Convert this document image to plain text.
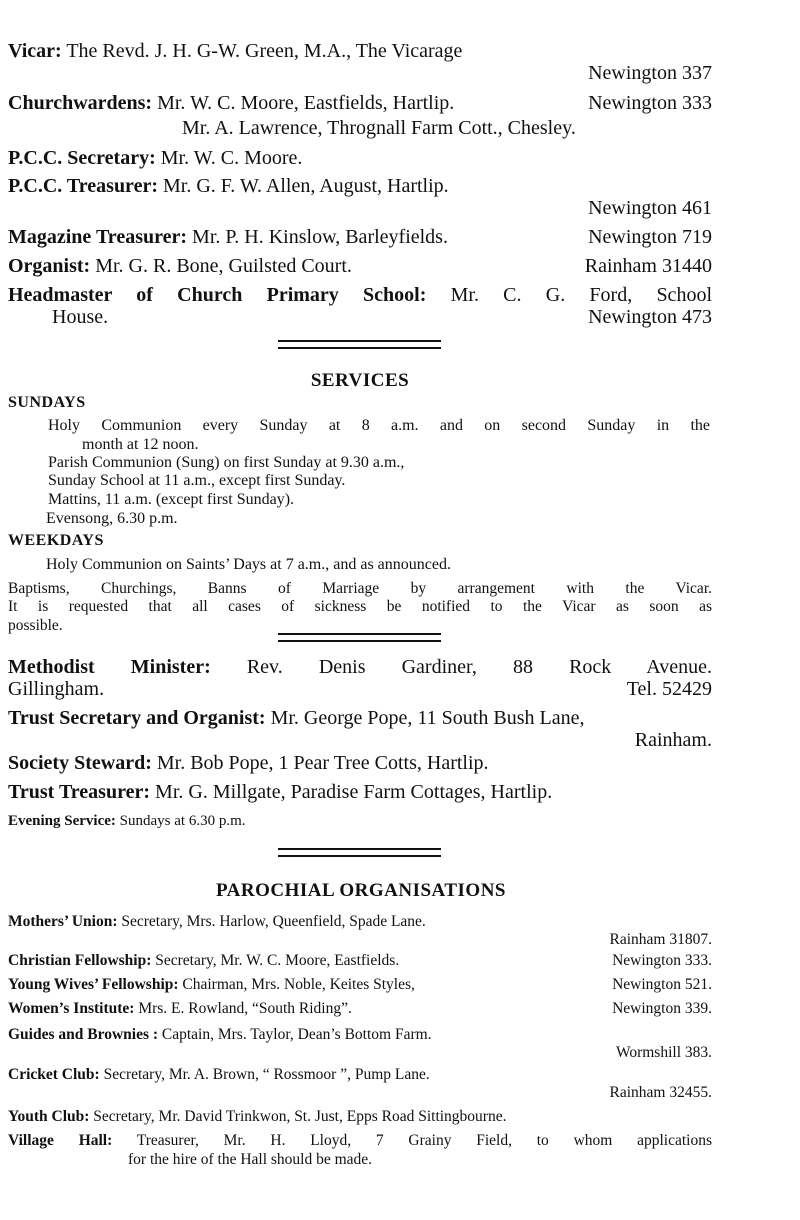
Vicar: The Revd. J. H. G-W. Green, M.A., The Vicarage
Newington 337
Churchwardens: Mr. W. C. Moore, Eastfields, Hartlip.	Newington 333
Mr. A. Lawrence, Thrognall Farm Cott., Chesley.
P.C.C. Secretary: Mr. W. C. Moore.
P.C.C. Treasurer: Mr. G. F. W. Allen, August, Hartlip.
Newington 461
Magazine Treasurer: Mr. P. H. Kinslow, Barleyfields.	Newington 719
Organist: Mr. G. R. Bone, Guilsted Court.	Rainham 31440
Headmaster of Church Primary School: Mr. C. G. Ford, School
House.	Newington 473
SERVICES
SUNDAYS
Holy Communion every Sunday at 8 a.m. and on second Sunday in the
month at 12 noon.
Parish Communion (Sung) on first Sunday at 9.30 a.m.,
Sunday School at 11 a.m., except first Sunday.
Mattins, 11 a.m. (except first Sunday).
Evensong, 6.30 p.m.
WEEKDAYS
Holy Communion on Saints’ Days at 7 a.m., and as announced.
Baptisms, Churchings, Banns of Marriage by arrangement with the Vicar.
It is requested that all cases of sickness be notified to the Vicar as soon as
possible.
Methodist Minister: Rev. Denis Gardiner, 88 Rock Avenue.
Gillingham.	Tel. 52429
Trust Secretary and Organist: Mr. George Pope, 11 South Bush Lane,
Rainham.
Society Steward: Mr. Bob Pope, 1 Pear Tree Cotts, Hartlip.
Trust Treasurer: Mr. G. Millgate, Paradise Farm Cottages, Hartlip.
Evening Service: Sundays at 6.30 p.m.
PAROCHIAL ORGANISATIONS
Mothers’ Union: Secretary, Mrs. Harlow, Queenfield, Spade Lane.
Rainham 31807.
Christian Fellowship: Secretary, Mr. W. C. Moore, Eastfields.	Newington 333.
Young Wives’ Fellowship: Chairman, Mrs. Noble, Keites Styles,	Newington 521.
Women’s Institute: Mrs. E. Rowland, “South Riding”.	Newington 339.
Guides and Brownies : Captain, Mrs. Taylor, Dean’s Bottom Farm.
Wormshill 383.
Cricket Club: Secretary, Mr. A. Brown, “ Rossmoor ”, Pump Lane.
Rainham 32455.
Youth Club: Secretary, Mr. David Trinkwon, St. Just, Epps Road Sittingbourne.
Village Hall: Treasurer, Mr. H. Lloyd, 7 Grainy Field, to whom applications
for the hire of the Hall should be made.
